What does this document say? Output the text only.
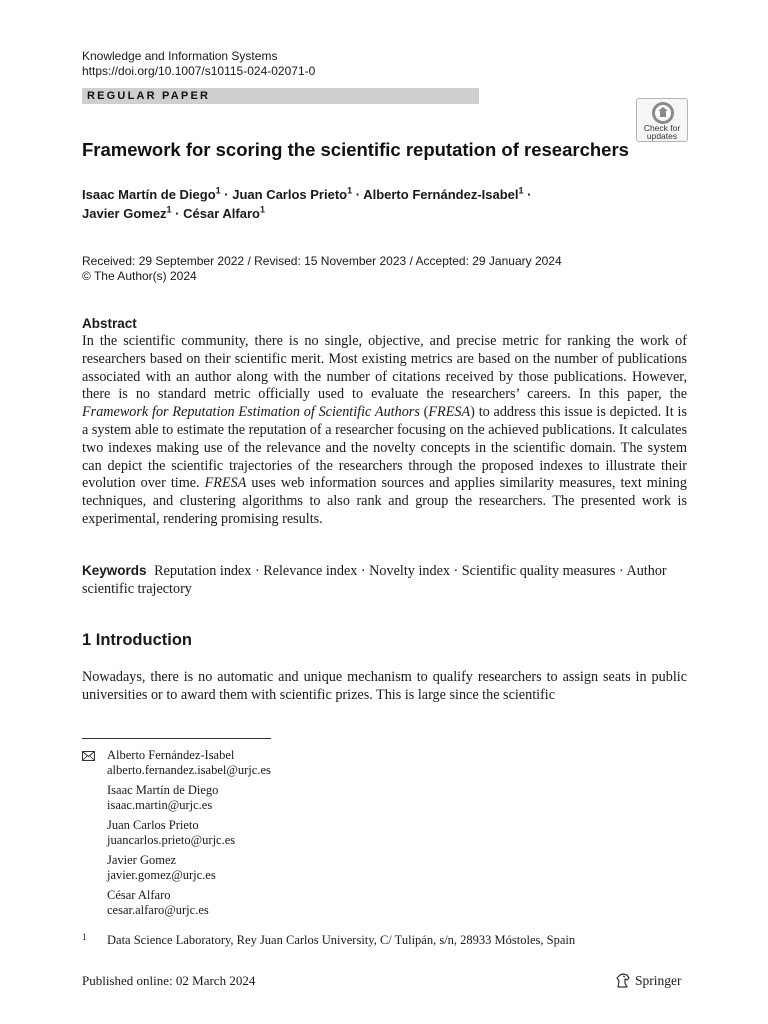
Knowledge and Information Systems
https://doi.org/10.1007/s10115-024-02071-0
REGULAR PAPER
Check for
updates
Framework for scoring the scientific reputation of researchers
Isaac Martín de Diego$^1$ · Juan Carlos Prieto$^1$ · Alberto Fernández-Isabel$^1$ ·
Javier Gomez$^1$ · César Alfaro$^1$
Received: 29 September 2022 / Revised: 15 November 2023 / Accepted: 29 January 2024
© The Author(s) 2024
Abstract

In the scientific community, there is no single, objective, and precise metric for ranking the work of researchers based on their scientific merit. Most existing metrics are based on the number of publications associated with an author along with the number of citations received by those publications. However, there is no standard metric officially used to evaluate the researchers’ careers. In this paper, the Framework for Reputation Estimation of Scientific Authors (FRESA) to address this issue is depicted. It is a system able to estimate the reputation of a researcher focusing on the achieved publications. It calculates two indexes making use of the relevance and the novelty concepts in the scientific domain. The system can depict the scientific trajectories of the researchers through the proposed indexes to illustrate their evolution over time. FRESA uses web information sources and applies similarity measures, text mining techniques, and clustering algorithms to also rank and group the researchers. The presented work is experimental, rendering promising results.

Keywords Reputation index · Relevance index · Novelty index · Scientific quality measures · Author scientific trajectory
1 Introduction

Nowadays, there is no automatic and unique mechanism to qualify researchers to assign seats in public universities or to award them with scientific prizes. This is large since the scientific

Alberto Fernández-Isabel
alberto.fernandez.isabel@urjc.es
Isaac Martín de Diego
isaac.martin@urjc.es
Juan Carlos Prieto
juancarlos.prieto@urjc.es
Javier Gomez
javier.gomez@urjc.es
César Alfaro
cesar.alfaro@urjc.es
1 Data Science Laboratory, Rey Juan Carlos University, C/ Tulipán, s/n, 28933 Móstoles, Spain
Published online: 02 March 2024	Springer
